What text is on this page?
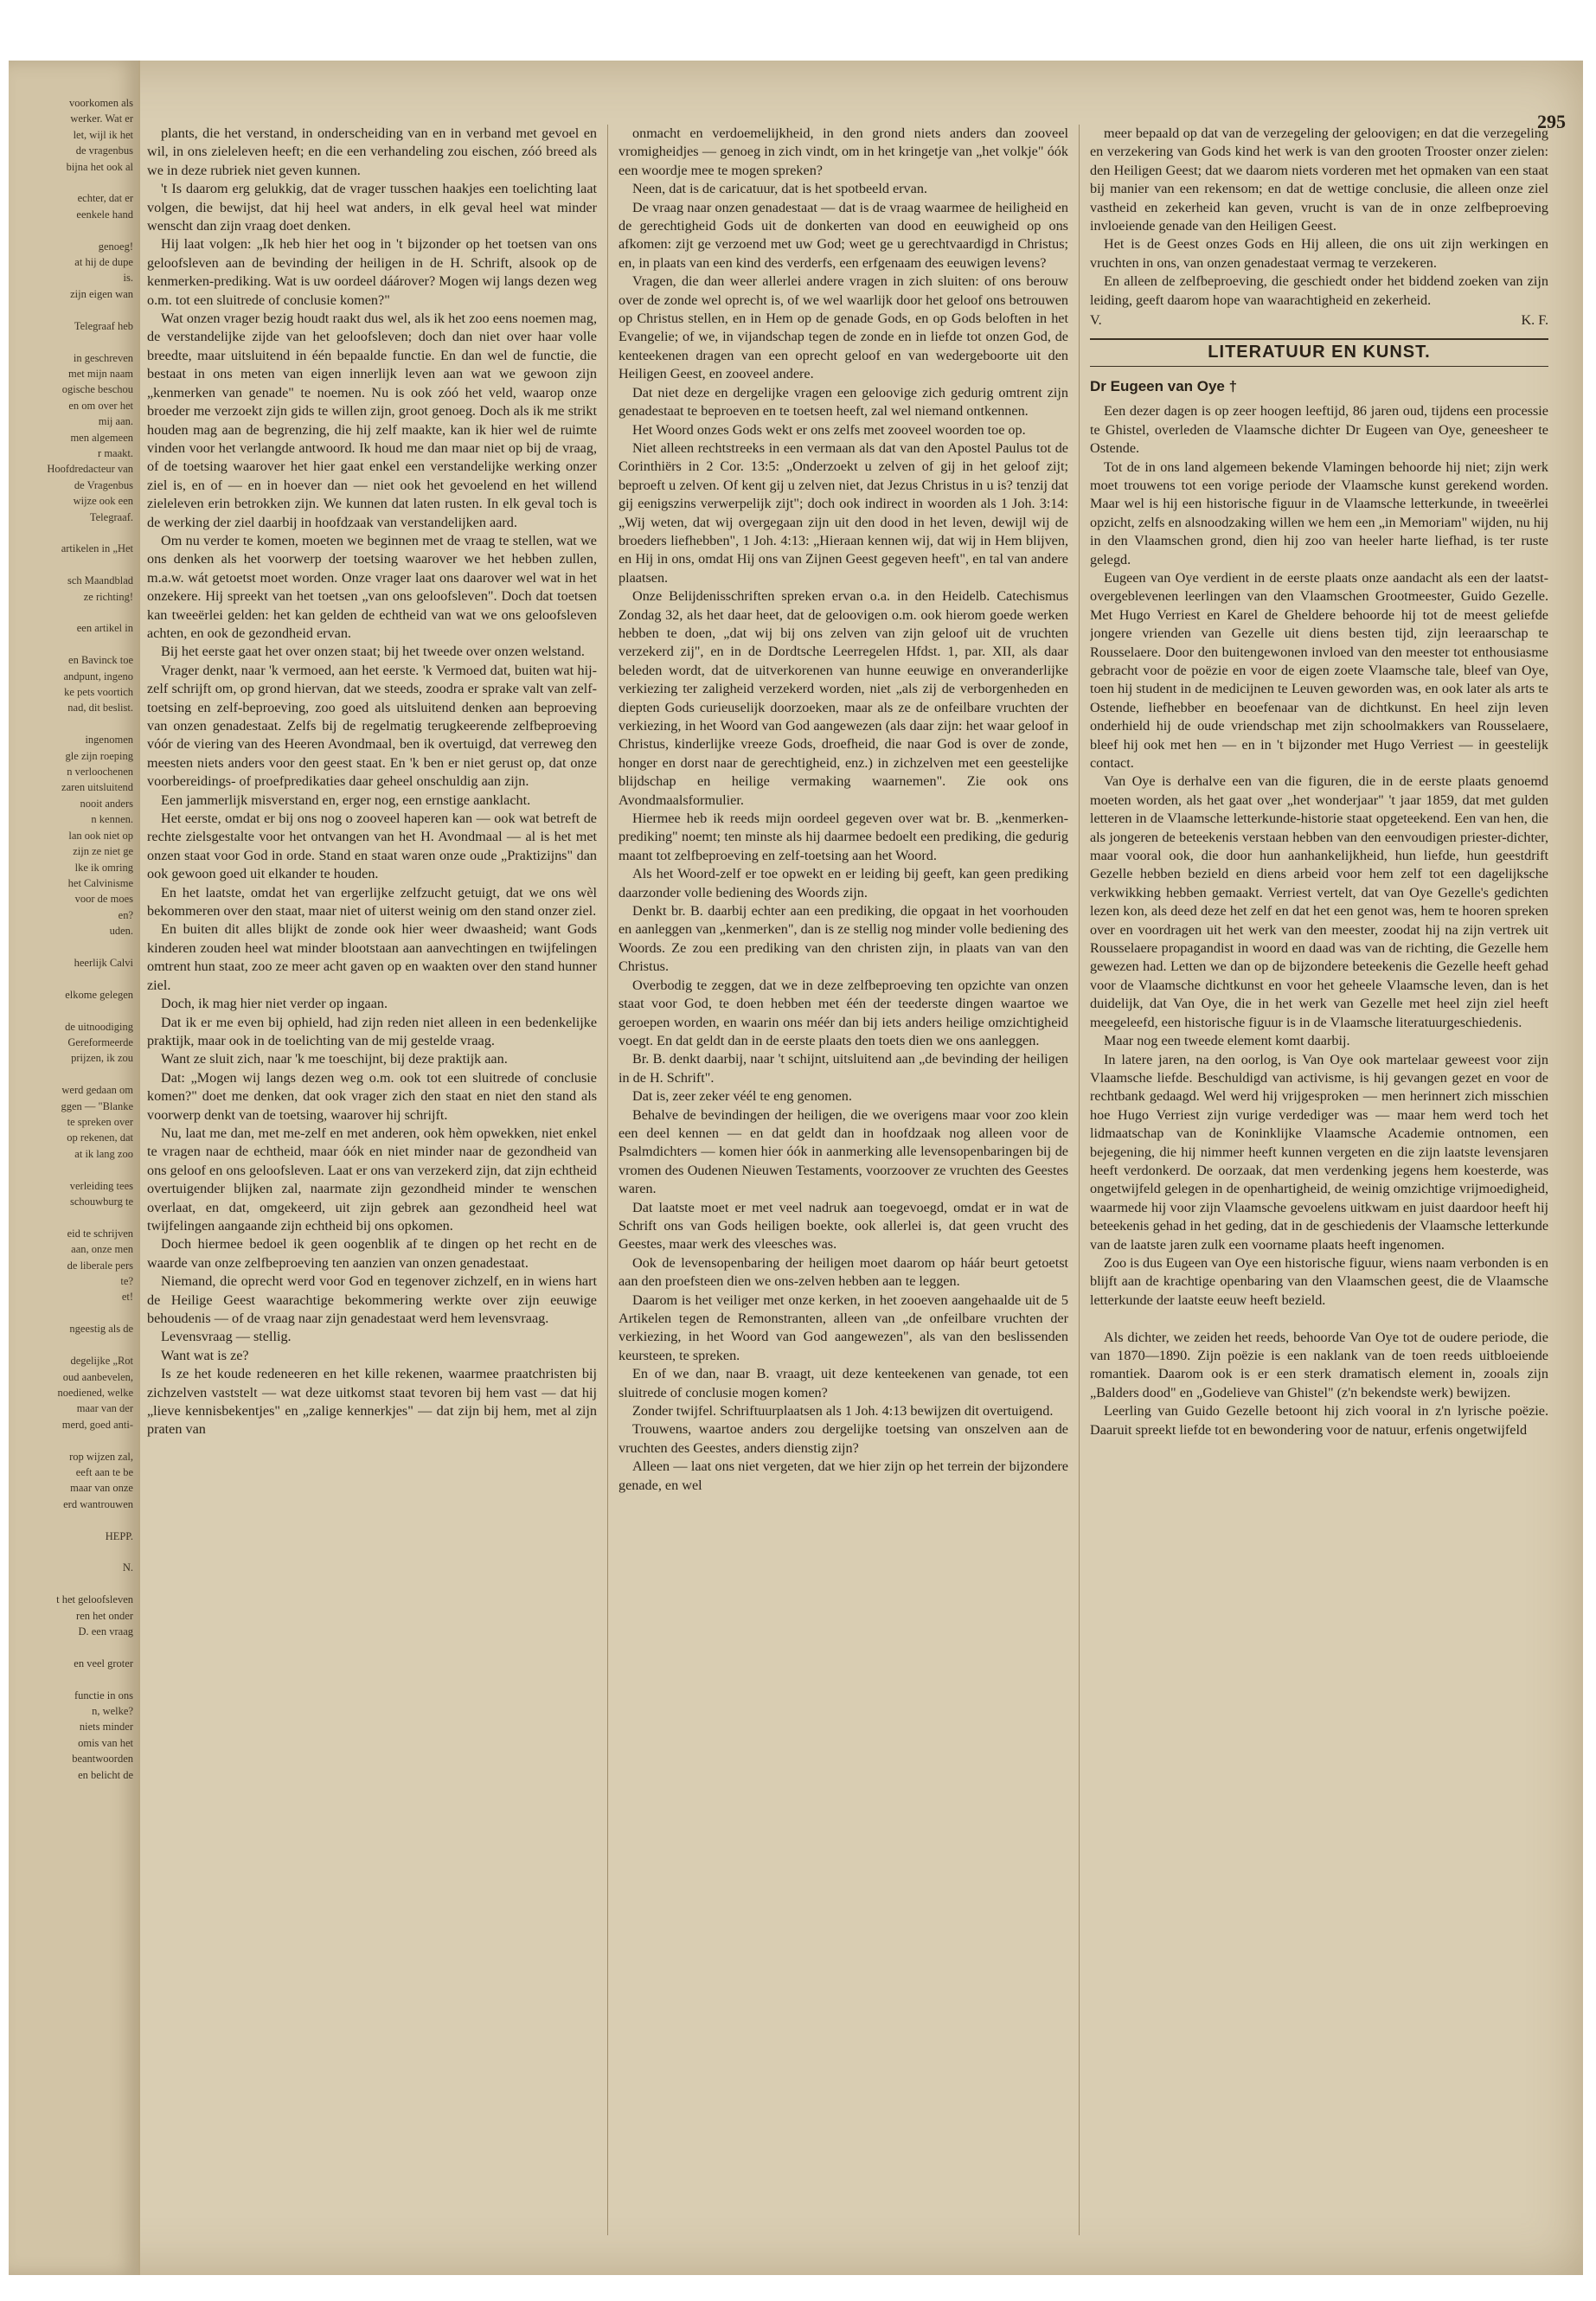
voorkomen als
werker. Wat er
let, wijl ik het
de vragenbus
bijna het ook al

echter, dat er
eenkele hand

genoeg!
at hij de dupe
is.
zijn eigen wan

Telegraaf heb

in geschreven
met mijn naam
ogische beschou
en om over het
mij aan.
men algemeen
r maakt.
Hoofdredacteur van
de Vragenbus
wijze ook een
Telegraaf.

artikelen in „Het

sch Maandblad
ze richting!

een artikel in

en Bavinck toe
andpunt, ingeno
ke pets voortich
nad, dit beslist.

ingenomen
gle zijn roeping
n verloochenen
zaren uitsluitend
nooit anders
n kennen.
lan ook niet op
zijn ze niet ge
lke ik omring
het Calvinisme
voor de moes
en?
uden.

heerlijk Calvi

elkome gelegen

de uitnoodiging
Gereformeerde
prijzen, ik zou

werd gedaan om
ggen — "Blanke
te spreken over
op rekenen, dat
at ik lang zoo

verleiding tees
schouwburg te

eid te schrijven
aan, onze men
de liberale pers
te?
et!

ngeestig als de

degelijke „Rot
oud aanbevelen,
noediened, welke
maar van der
merd, goed anti-

rop wijzen zal,
eeft aan te be
maar van onze
erd wantrouwen

HEPP.

N.

t het geloofsleven
ren het onder
D. een vraag

en veel groter

functie in ons
n, welke?
niets minder
omis van het
beantwoorden
en belicht de
295

plants, die het verstand, in onderscheiding van en in verband met gevoel en wil, in ons zieleleven heeft; en die een verhandeling zou eischen, zóó breed als we in deze rubriek niet geven kunnen.

't Is daarom erg gelukkig, dat de vrager tusschen haakjes een toelichting laat volgen, die bewijst, dat hij heel wat anders, in elk geval heel wat minder wenscht dan zijn vraag doet denken.

Hij laat volgen: „Ik heb hier het oog in 't bijzonder op het toetsen van ons geloofsleven aan de bevinding der heiligen in de H. Schrift, alsook op de kenmerken-prediking. Wat is uw oordeel dáárover? Mogen wij langs dezen weg o.m. tot een sluitrede of conclusie komen?"

Wat onzen vrager bezig houdt raakt dus wel, als ik het zoo eens noemen mag, de verstandelijke zijde van het geloofsleven; doch dan niet over haar volle breedte, maar uitsluitend in één bepaalde functie. En dan wel de functie, die bestaat in ons meten van eigen innerlijk leven aan wat we gewoon zijn „kenmerken van genade" te noemen. Nu is ook zóó het veld, waarop onze broeder me verzoekt zijn gids te willen zijn, groot genoeg. Doch als ik me strikt houden mag aan de begrenzing, die hij zelf maakte, kan ik hier wel de ruimte vinden voor het verlangde antwoord. Ik houd me dan maar niet op bij de vraag, of de toetsing waarover het hier gaat enkel een verstandelijke werking onzer ziel is, en of — en in hoever dan — niet ook het gevoelend en het willend zieleleven erin betrokken zijn. We kunnen dat laten rusten. In elk geval toch is de werking der ziel daarbij in hoofdzaak van verstandelijken aard.

Om nu verder te komen, moeten we beginnen met de vraag te stellen, wat we ons denken als het voorwerp der toetsing waarover we het hebben zullen, m.a.w. wát getoetst moet worden. Onze vrager laat ons daarover wel wat in het onzekere. Hij spreekt van het toetsen „van ons geloofsleven". Doch dat toetsen kan tweeërlei gelden: het kan gelden de echtheid van wat we ons geloofsleven achten, en ook de gezondheid ervan.

Bij het eerste gaat het over onzen staat; bij het tweede over onzen welstand.

Vrager denkt, naar 'k vermoed, aan het eerste. 'k Vermoed dat, buiten wat hij-zelf schrijft om, op grond hiervan, dat we steeds, zoodra er sprake valt van zelf-toetsing en zelf-beproeving, zoo goed als uitsluitend denken aan beproeving van onzen genadestaat. Zelfs bij de regelmatig terugkeerende zelfbeproeving vóór de viering van des Heeren Avondmaal, ben ik overtuigd, dat verreweg den meesten niets anders voor den geest staat. En 'k ben er niet gerust op, dat onze voorbereidings- of proefpredikaties daar geheel onschuldig aan zijn.

Een jammerlijk misverstand en, erger nog, een ernstige aanklacht.

Het eerste, omdat er bij ons nog o zooveel haperen kan — ook wat betreft de rechte zielsgestalte voor het ontvangen van het H. Avondmaal — al is het met onzen staat voor God in orde. Stand en staat waren onze oude „Praktizijns" dan ook gewoon goed uit elkander te houden.

En het laatste, omdat het van ergerlijke zelfzucht getuigt, dat we ons wèl bekommeren over den staat, maar niet of uiterst weinig om den stand onzer ziel.

En buiten dit alles blijkt de zonde ook hier weer dwaasheid; want Gods kinderen zouden heel wat minder blootstaan aan aanvechtingen en twijfelingen omtrent hun staat, zoo ze meer acht gaven op en waakten over den stand hunner ziel.

Doch, ik mag hier niet verder op ingaan.

Dat ik er me even bij ophield, had zijn reden niet alleen in een bedenkelijke praktijk, maar ook in de toelichting van de mij gestelde vraag.

Want ze sluit zich, naar 'k me toeschijnt, bij deze praktijk aan.

Dat: „Mogen wij langs dezen weg o.m. ook tot een sluitrede of conclusie komen?" doet me denken, dat ook vrager zich den staat en niet den stand als voorwerp denkt van de toetsing, waarover hij schrijft.

Nu, laat me dan, met me-zelf en met anderen, ook hèm opwekken, niet enkel te vragen naar de echtheid, maar óók en niet minder naar de gezondheid van ons geloof en ons geloofsleven. Laat er ons van verzekerd zijn, dat zijn echtheid overtuigender blijken zal, naarmate zijn gezondheid minder te wenschen overlaat, en dat, omgekeerd, uit zijn gebrek aan gezondheid heel wat twijfelingen aangaande zijn echtheid bij ons opkomen.

Doch hiermee bedoel ik geen oogenblik af te dingen op het recht en de waarde van onze zelfbeproeving ten aanzien van onzen genadestaat.

Niemand, die oprecht werd voor God en tegenover zichzelf, en in wiens hart de Heilige Geest waarachtige bekommering werkte over zijn eeuwige behoudenis — of de vraag naar zijn genadestaat werd hem levensvraag.

Levensvraag — stellig.

Want wat is ze?

Is ze het koude redeneeren en het kille rekenen, waarmee praatchristen bij zichzelven vaststelt — wat deze uitkomst staat tevoren bij hem vast — dat hij „lieve kennisbekentjes" en „zalige kennerkjes" — dat zijn bij hem, met al zijn praten van

onmacht en verdoemelijkheid, in den grond niets anders dan zooveel vromigheidjes — genoeg in zich vindt, om in het kringetje van „het volkje" óók een woordje mee te mogen spreken?

Neen, dat is de caricatuur, dat is het spotbeeld ervan.

De vraag naar onzen genadestaat — dat is de vraag waarmee de heiligheid en de gerechtigheid Gods uit de donkerten van dood en eeuwigheid op ons afkomen: zijt ge verzoend met uw God; weet ge u gerechtvaardigd in Christus; en, in plaats van een kind des verderfs, een erfgenaam des eeuwigen levens?

Vragen, die dan weer allerlei andere vragen in zich sluiten: of ons berouw over de zonde wel oprecht is, of we wel waarlijk door het geloof ons betrouwen op Christus stellen, en in Hem op de genade Gods, en op Gods beloften in het Evangelie; of we, in vijandschap tegen de zonde en in liefde tot onzen God, de kenteekenen dragen van een oprecht geloof en van wedergeboorte uit den Heiligen Geest, en zooveel andere.

Dat niet deze en dergelijke vragen een geloovige zich gedurig omtrent zijn genadestaat te beproeven en te toetsen heeft, zal wel niemand ontkennen.

Het Woord onzes Gods wekt er ons zelfs met zooveel woorden toe op.

Niet alleen rechtstreeks in een vermaan als dat van den Apostel Paulus tot de Corinthiërs in 2 Cor. 13:5: „Onderzoekt u zelven of gij in het geloof zijt; beproeft u zelven. Of kent gij u zelven niet, dat Jezus Christus in u is? tenzij dat gij eenigszins verwerpelijk zijt"; doch ook indirect in woorden als 1 Joh. 3:14: „Wij weten, dat wij overgegaan zijn uit den dood in het leven, dewijl wij de broeders liefhebben", 1 Joh. 4:13: „Hieraan kennen wij, dat wij in Hem blijven, en Hij in ons, omdat Hij ons van Zijnen Geest gegeven heeft", en tal van andere plaatsen.

Onze Belijdenisschriften spreken ervan o.a. in den Heidelb. Catechismus Zondag 32, als het daar heet, dat de geloovigen o.m. ook hierom goede werken hebben te doen, „dat wij bij ons zelven van zijn geloof uit de vruchten verzekerd zij", en in de Dordtsche Leerregelen Hfdst. 1, par. XII, als daar beleden wordt, dat de uitverkorenen van hunne eeuwige en onveranderlijke verkiezing ter zaligheid verzekerd worden, niet „als zij de verborgenheden en diepten Gods curieuselijk doorzoeken, maar als ze de onfeilbare vruchten der verkiezing, in het Woord van God aangewezen (als daar zijn: het waar geloof in Christus, kinderlijke vreeze Gods, droefheid, die naar God is over de zonde, honger en dorst naar de gerechtigheid, enz.) in zichzelven met een geestelijke blijdschap en heilige vermaking waarnemen". Zie ook ons Avondmaalsformulier.

Hiermee heb ik reeds mijn oordeel gegeven over wat br. B. „kenmerken-prediking" noemt; ten minste als hij daarmee bedoelt een prediking, die gedurig maant tot zelfbeproeving en zelf-toetsing aan het Woord.

Als het Woord-zelf er toe opwekt en er leiding bij geeft, kan geen prediking daarzonder volle bediening des Woords zijn.

Denkt br. B. daarbij echter aan een prediking, die opgaat in het voorhouden en aanleggen van „kenmerken", dan is ze stellig nog minder volle bediening des Woords. Ze zou een prediking van den christen zijn, in plaats van van den Christus.

Overbodig te zeggen, dat we in deze zelfbeproeving ten opzichte van onzen staat voor God, te doen hebben met één der teederste dingen waartoe we geroepen worden, en waarin ons méér dan bij iets anders heilige omzichtigheid voegt. En dat geldt dan in de eerste plaats den toets dien we ons aanleggen.

Br. B. denkt daarbij, naar 't schijnt, uitsluitend aan „de bevinding der heiligen in de H. Schrift".

Dat is, zeer zeker véél te eng genomen.

Behalve de bevindingen der heiligen, die we overigens maar voor zoo klein een deel kennen — en dat geldt dan in hoofdzaak nog alleen voor de Psalmdichters — komen hier óók in aanmerking alle levensopenbaringen bij de vromen des Oudenen Nieuwen Testaments, voorzoover ze vruchten des Geestes waren.

Dat laatste moet er met veel nadruk aan toegevoegd, omdat er in wat de Schrift ons van Gods heiligen boekte, ook allerlei is, dat geen vrucht des Geestes, maar werk des vleesches was.

Ook de levensopenbaring der heiligen moet daarom op háár beurt getoetst aan den proefsteen dien we ons-zelven hebben aan te leggen.

Daarom is het veiliger met onze kerken, in het zooeven aangehaalde uit de 5 Artikelen tegen de Remonstranten, alleen van „de onfeilbare vruchten der verkiezing, in het Woord van God aangewezen", als van den beslissenden keursteen, te spreken.

En of we dan, naar B. vraagt, uit deze kenteekenen van genade, tot een sluitrede of conclusie mogen komen?

Zonder twijfel. Schriftuurplaatsen als 1 Joh. 4:13 bewijzen dit overtuigend.

Trouwens, waartoe anders zou dergelijke toetsing van onszelven aan de vruchten des Geestes, anders dienstig zijn?

Alleen — laat ons niet vergeten, dat we hier zijn op het terrein der bijzondere genade, en wel

meer bepaald op dat van de verzegeling der geloovigen; en dat die verzegeling en verzekering van Gods kind het werk is van den grooten Trooster onzer zielen: den Heiligen Geest; dat we daarom niets vorderen met het opmaken van een staat bij manier van een rekensom; en dat de wettige conclusie, die alleen onze ziel vastheid en zekerheid kan geven, vrucht is van de in onze zelfbeproeving invloeiende genade van den Heiligen Geest.

Het is de Geest onzes Gods en Hij alleen, die ons uit zijn werkingen en vruchten in ons, van onzen genadestaat vermag te verzekeren.

En alleen de zelfbeproeving, die geschiedt onder het biddend zoeken van zijn leiding, geeft daarom hope van waarachtigheid en zekerheid.

V.	K. F.
LITERATUUR EN KUNST.
Dr Eugeen van Oye †

Een dezer dagen is op zeer hoogen leeftijd, 86 jaren oud, tijdens een processie te Ghistel, overleden de Vlaamsche dichter Dr Eugeen van Oye, geneesheer te Ostende.

Tot de in ons land algemeen bekende Vlamingen behoorde hij niet; zijn werk moet trouwens tot een vorige periode der Vlaamsche kunst gerekend worden. Maar wel is hij een historische figuur in de Vlaamsche letterkunde, in tweeërlei opzicht, zelfs en alsnoodzaking willen we hem een „in Memoriam" wijden, nu hij in den Vlaamschen grond, dien hij zoo van heeler harte liefhad, is ter ruste gelegd.

Eugeen van Oye verdient in de eerste plaats onze aandacht als een der laatst-overgeblevenen leerlingen van den Vlaamschen Grootmeester, Guido Gezelle. Met Hugo Verriest en Karel de Gheldere behoorde hij tot de meest geliefde jongere vrienden van Gezelle uit diens besten tijd, zijn leeraarschap te Rousselaere. Door den buitengewonen invloed van den meester tot enthousiasme gebracht voor de poëzie en voor de eigen zoete Vlaamsche tale, bleef van Oye, toen hij student in de medicijnen te Leuven geworden was, en ook later als arts te Ostende, liefhebber en beoefenaar van de dichtkunst. En heel zijn leven onderhield hij de oude vriendschap met zijn schoolmakkers van Rousselaere, bleef hij ook met hen — en in 't bijzonder met Hugo Verriest — in geestelijk contact.

Van Oye is derhalve een van die figuren, die in de eerste plaats genoemd moeten worden, als het gaat over „het wonderjaar" 't jaar 1859, dat met gulden letteren in de Vlaamsche letterkunde-historie staat opgeteekend. Een van hen, die als jongeren de beteekenis verstaan hebben van den eenvoudigen priester-dichter, maar vooral ook, die door hun aanhankelijkheid, hun liefde, hun geestdrift Gezelle hebben bezield en diens arbeid voor hem zelf tot een dagelijksche verkwikking hebben gemaakt. Verriest vertelt, dat van Oye Gezelle's gedichten lezen kon, als deed deze het zelf en dat het een genot was, hem te hooren spreken over en voordragen uit het werk van den meester, zoodat hij na zijn vertrek uit Rousselaere propagandist in woord en daad was van de richting, die Gezelle hem gewezen had. Letten we dan op de bijzondere beteekenis die Gezelle heeft gehad voor de Vlaamsche dichtkunst en voor het geheele Vlaamsche leven, dan is het duidelijk, dat Van Oye, die in het werk van Gezelle met heel zijn ziel heeft meegeleefd, een historische figuur is in de Vlaamsche literatuurgeschiedenis.

Maar nog een tweede element komt daarbij.

In latere jaren, na den oorlog, is Van Oye ook martelaar geweest voor zijn Vlaamsche liefde. Beschuldigd van activisme, is hij gevangen gezet en voor de rechtbank gedaagd. Wel werd hij vrijgesproken — men herinnert zich misschien hoe Hugo Verriest zijn vurige verdediger was — maar hem werd toch het lidmaatschap van de Koninklijke Vlaamsche Academie ontnomen, een bejegening, die hij nimmer heeft kunnen vergeten en die zijn laatste levensjaren heeft verdonkerd. De oorzaak, dat men verdenking jegens hem koesterde, was ongetwijfeld gelegen in de openhartigheid, de weinig omzichtige vrijmoedigheid, waarmede hij voor zijn Vlaamsche gevoelens uitkwam en juist daardoor heeft hij beteekenis gehad in het geding, dat in de geschiedenis der Vlaamsche letterkunde van de laatste jaren zulk een voorname plaats heeft ingenomen.

Zoo is dus Eugeen van Oye een historische figuur, wiens naam verbonden is en blijft aan de krachtige openbaring van den Vlaamschen geest, die de Vlaamsche letterkunde der laatste eeuw heeft bezield.

Als dichter, we zeiden het reeds, behoorde Van Oye tot de oudere periode, die van 1870—1890. Zijn poëzie is een naklank van de toen reeds uitbloeiende romantiek. Daarom ook is er een sterk dramatisch element in, zooals zijn „Balders dood" en „Godelieve van Ghistel" (z'n bekendste werk) bewijzen.

Leerling van Guido Gezelle betoont hij zich vooral in z'n lyrische poëzie. Daaruit spreekt liefde tot en bewondering voor de natuur, erfenis ongetwijfeld
